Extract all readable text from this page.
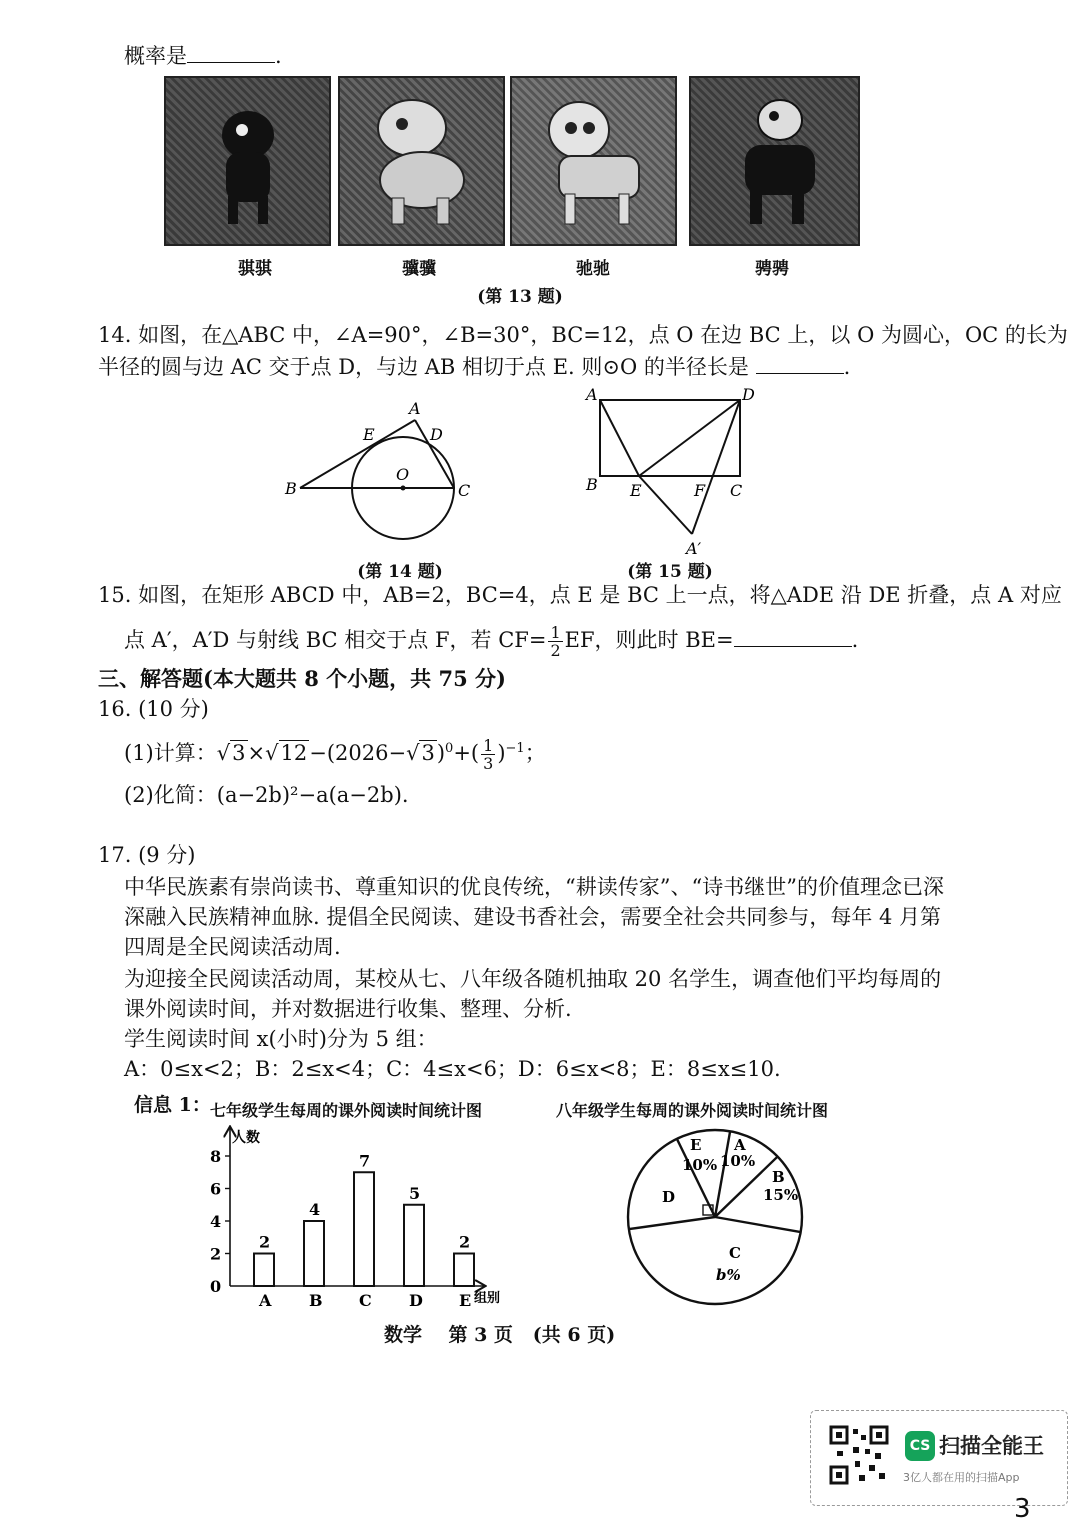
概率是	.
骐骐	骥骥	驰驰	骋骋
(第 13 题)
14. 如图，在△ABC 中，∠A=90°，∠B=30°，BC=12，点 O 在边 BC 上，以 O 为圆心，OC 的长为
半径的圆与边 AC 交于点 D，与边 AB 相切于点 E. 则⊙O 的半径长是	.
A
B	C
D
E
O
(第 14 题)
A	D
B E	F C
A′
(第 15 题)
15. 如图，在矩形 ABCD 中，AB=2，BC=4，点 E 是 BC 上一点，将△ADE 沿 DE 折叠，点 A 对应
点 A′，A′D 与射线 BC 相交于点 F，若 $CF= \frac{1}{2}$ EF，则此时 BE=	.
三、解答题(本大题共 8 个小题，共 75 分)
16. (10 分)
(1)计算：$√3\times√12-(2026-√3)^0+( \frac{1}{3} )^{-1}$；
(2)化简：(a−2b)²−a(a−2b).
17. (9 分)
中华民族素有崇尚读书、尊重知识的优良传统，“耕读传家”、“诗书继世”的价值理念已深
深融入民族精神血脉. 提倡全民阅读、建设书香社会，需要全社会共同参与，每年 4 月第
四周是全民阅读活动周.
为迎接全民阅读活动周，某校从七、八年级各随机抽取 20 名学生，调查他们平均每周的
课外阅读时间，并对数据进行收集、整理、分析.
学生阅读时间 x(小时)分为 5 组：
A：0≤x<2；B：2≤x<4；C：4≤x<6；D：6≤x<8；E：8≤x≤10.
信息 1： 七年级学生每周的课外阅读时间统计图	八年级学生每周的课外阅读时间统计图
人数
组别
0
2
4
6
8
2
A
4
B
7
C
5
D
2
E
E
10%
A
10%
B
15%
C
b%
D
数学 第 3 页 (共 6 页)
CS 扫描全能王
3亿人都在用的扫描App
3
